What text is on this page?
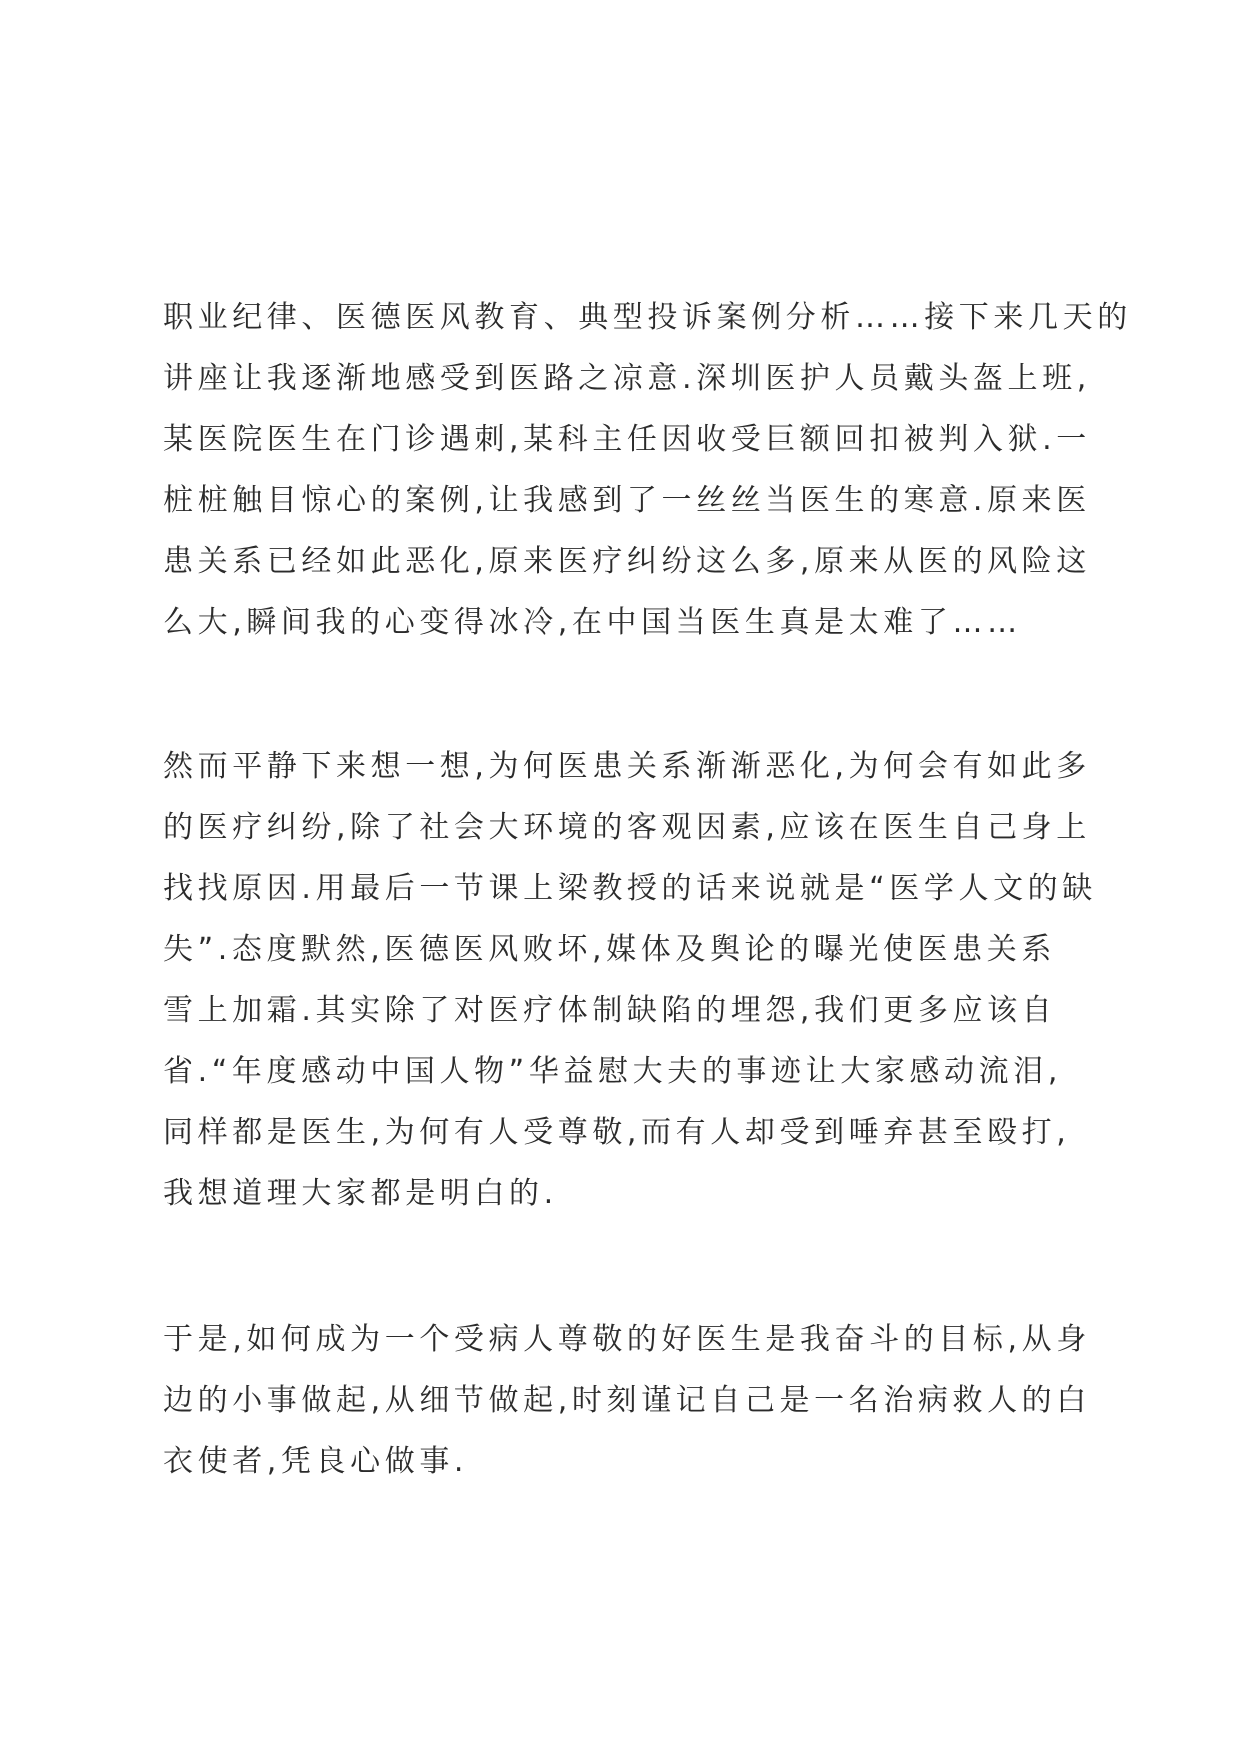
职业纪律、医德医风教育、典型投诉案例分析……接下来几天的
讲座让我逐渐地感受到医路之凉意.深圳医护人员戴头盔上班,
某医院医生在门诊遇刺,某科主任因收受巨额回扣被判入狱.一
桩桩触目惊心的案例,让我感到了一丝丝当医生的寒意.原来医
患关系已经如此恶化,原来医疗纠纷这么多,原来从医的风险这
么大,瞬间我的心变得冰冷,在中国当医生真是太难了……
然而平静下来想一想,为何医患关系渐渐恶化,为何会有如此多
的医疗纠纷,除了社会大环境的客观因素,应该在医生自己身上
找找原因.用最后一节课上梁教授的话来说就是“医学人文的缺
失”.态度默然,医德医风败坏,媒体及舆论的曝光使医患关系
雪上加霜.其实除了对医疗体制缺陷的埋怨,我们更多应该自
省.“年度感动中国人物”华益慰大夫的事迹让大家感动流泪,
同样都是医生,为何有人受尊敬,而有人却受到唾弃甚至殴打,
我想道理大家都是明白的.
于是,如何成为一个受病人尊敬的好医生是我奋斗的目标,从身
边的小事做起,从细节做起,时刻谨记自己是一名治病救人的白
衣使者,凭良心做事.
